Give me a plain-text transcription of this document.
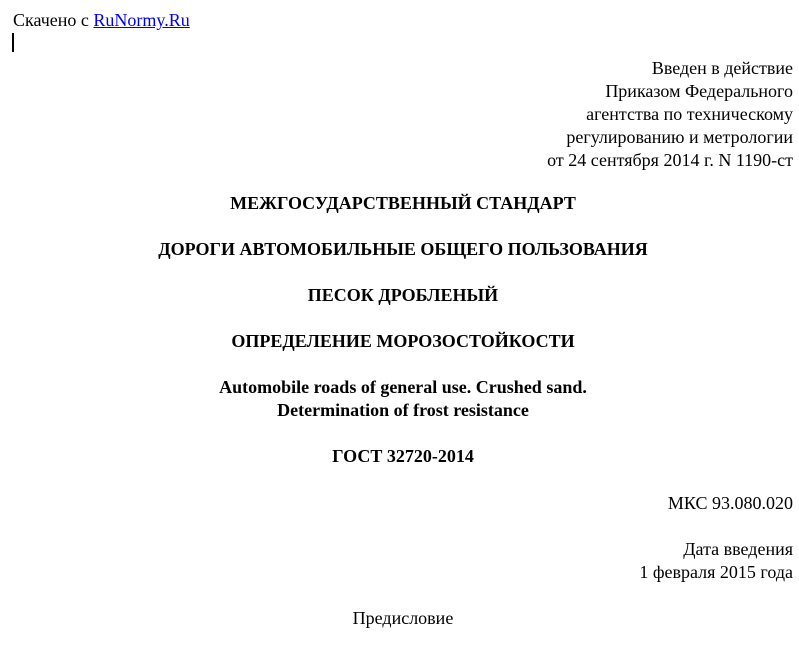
Скачено с RuNormy.Ru
Введен в действие
Приказом Федерального
агентства по техническому
регулированию и метрологии
от 24 сентября 2014 г. N 1190-ст
МЕЖГОСУДАРСТВЕННЫЙ СТАНДАРТ
ДОРОГИ АВТОМОБИЛЬНЫЕ ОБЩЕГО ПОЛЬЗОВАНИЯ
ПЕСОК ДРОБЛЕНЫЙ
ОПРЕДЕЛЕНИЕ МОРОЗОСТОЙКОСТИ
Automobile roads of general use. Crushed sand.
Determination of frost resistance
ГОСТ 32720-2014
МКС 93.080.020
Дата введения
1 февраля 2015 года
Предисловие
